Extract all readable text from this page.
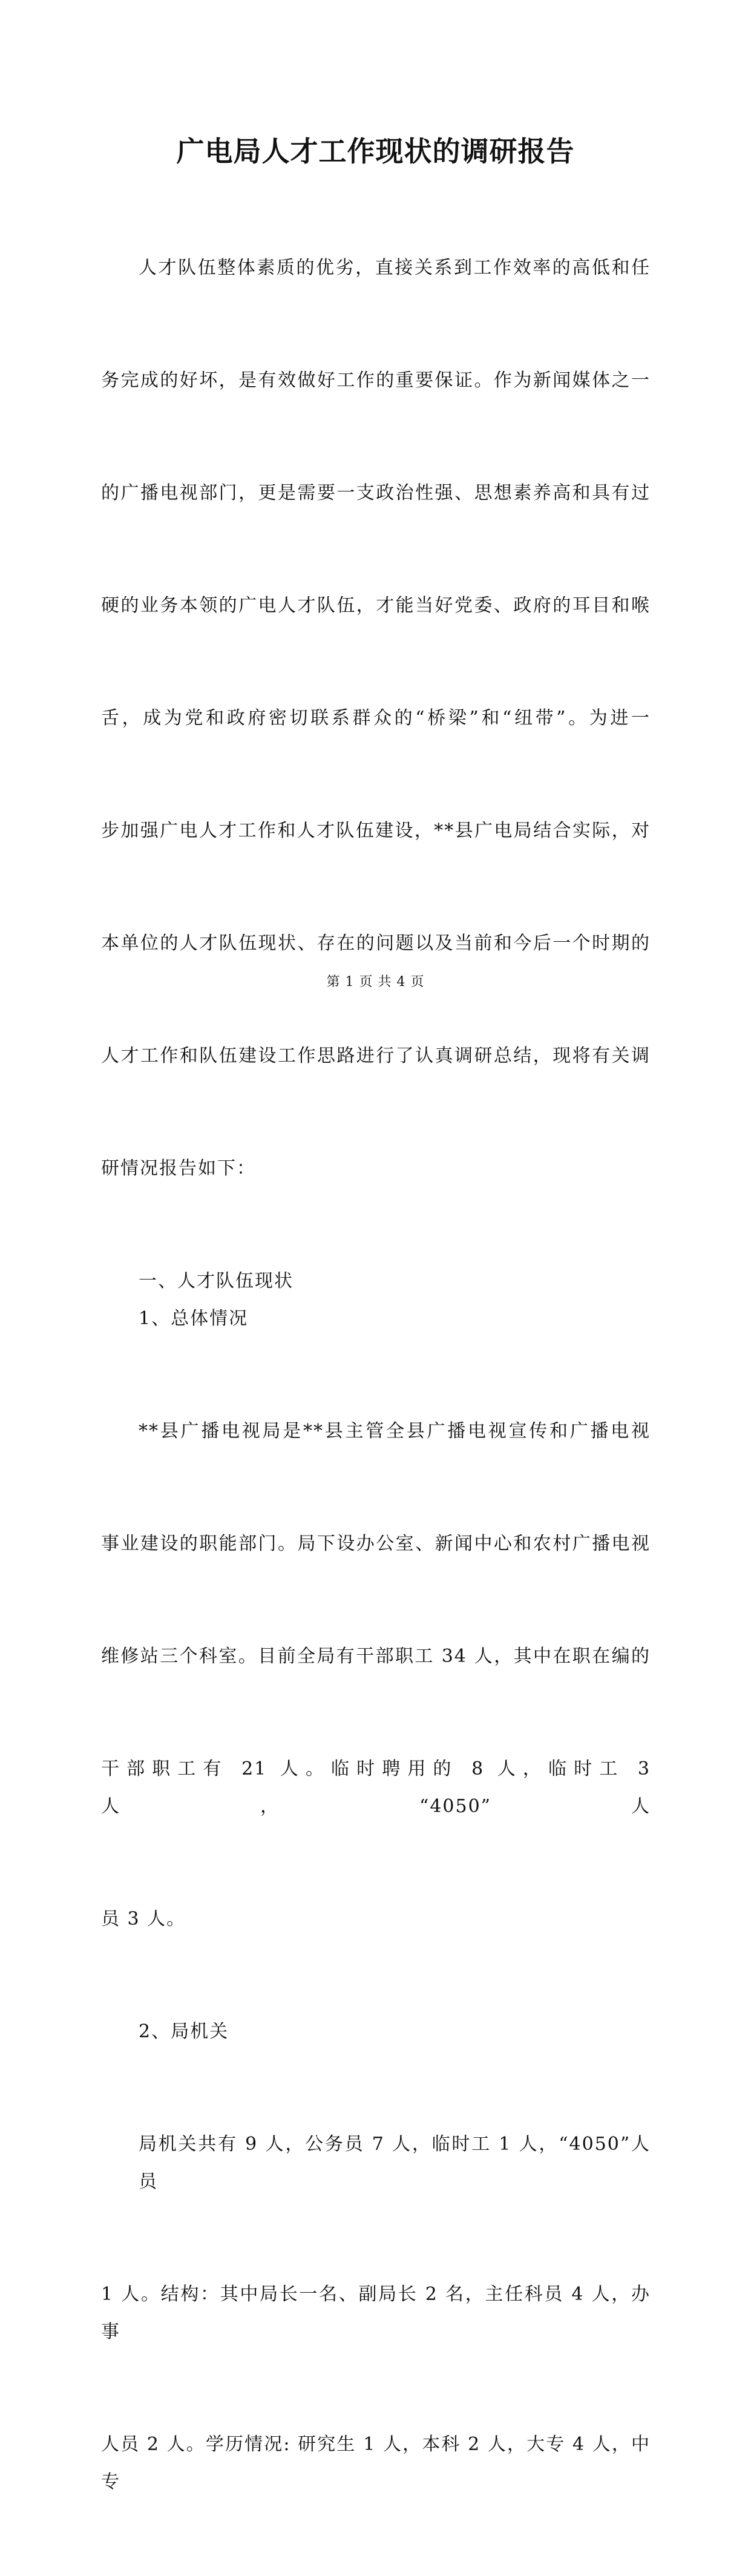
广电局人才工作现状的调研报告

人才队伍整体素质的优劣，直接关系到工作效率的高低和任

务完成的好坏，是有效做好工作的重要保证。作为新闻媒体之一

的广播电视部门，更是需要一支政治性强、思想素养高和具有过

硬的业务本领的广电人才队伍，才能当好党委、政府的耳目和喉

舌，成为党和政府密切联系群众的“桥梁”和“纽带”。为进一

步加强广电人才工作和人才队伍建设，**县广电局结合实际，对

本单位的人才队伍现状、存在的问题以及当前和今后一个时期的

人才工作和队伍建设工作思路进行了认真调研总结，现将有关调

研情况报告如下：

一、人才队伍现状
1、总体情况

**县广播电视局是**县主管全县广播电视宣传和广播电视

事业建设的职能部门。局下设办公室、新闻中心和农村广播电视

维修站三个科室。目前全局有干部职工 34 人，其中在职在编的

干部职工有 21 人。临时聘用的 8 人，临时工 3 人，“4050”人

员 3 人。

2、局机关

局机关共有 9 人，公务员 7 人，临时工 1 人，“4050”人员

1 人。结构：其中局长一名、副局长 2 名，主任科员 4 人，办事

人员 2 人。学历情况: 研究生 1 人，本科 2 人，大专 4 人，中专

第 1 页 共 4 页
